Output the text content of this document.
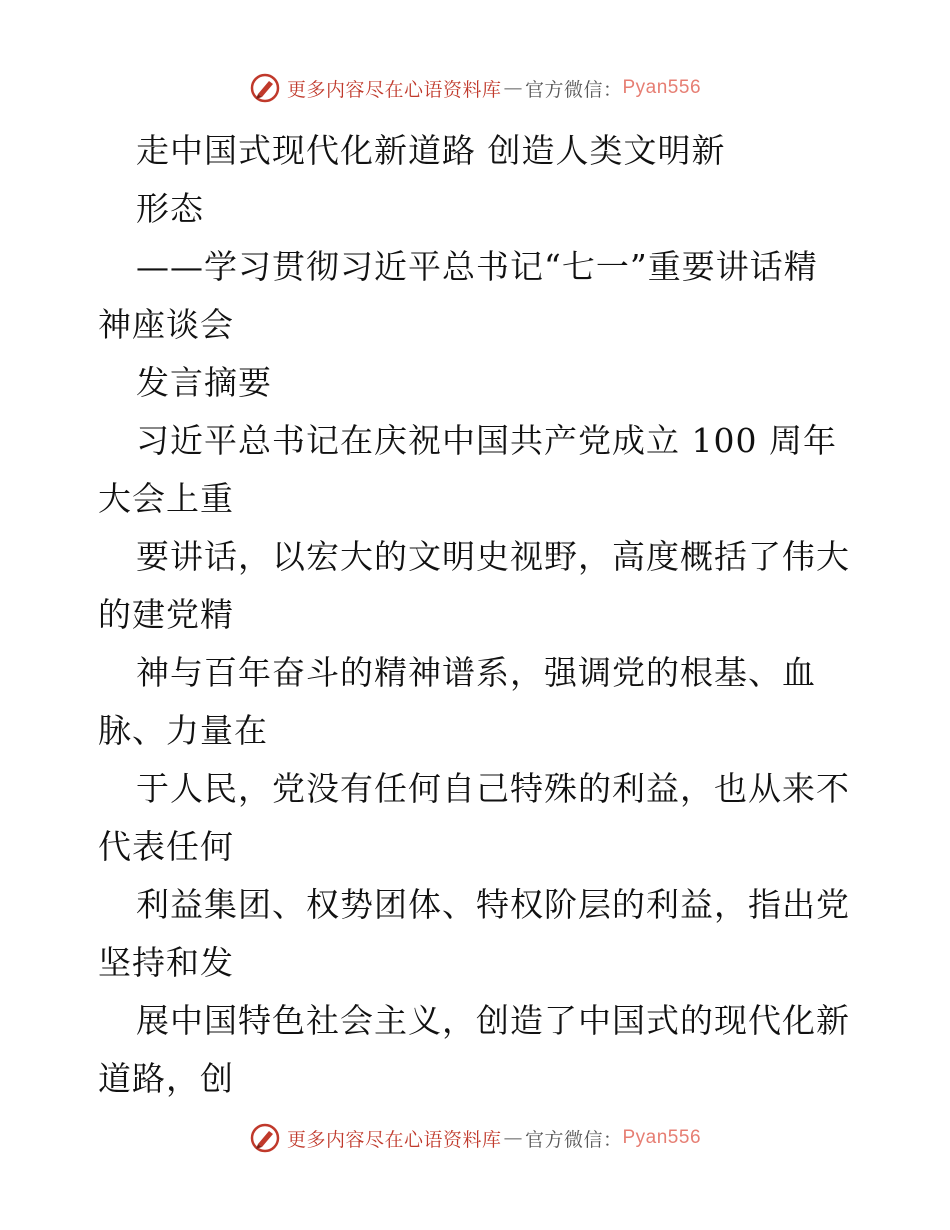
更多内容尽在心语资料库 — 官方微信： Pyan556
走中国式现代化新道路 创造人类文明新
形态
——学习贯彻习近平总书记“七一”重要讲话精
神座谈会
发言摘要
习近平总书记在庆祝中国共产党成立 100 周年
大会上重
要讲话，以宏大的文明史视野，高度概括了伟大
的建党精
神与百年奋斗的精神谱系，强调党的根基、血
脉、力量在
于人民，党没有任何自己特殊的利益，也从来不
代表任何
利益集团、权势团体、特权阶层的利益，指出党
坚持和发
展中国特色社会主义，创造了中国式的现代化新
道路，创
更多内容尽在心语资料库 — 官方微信： Pyan556
